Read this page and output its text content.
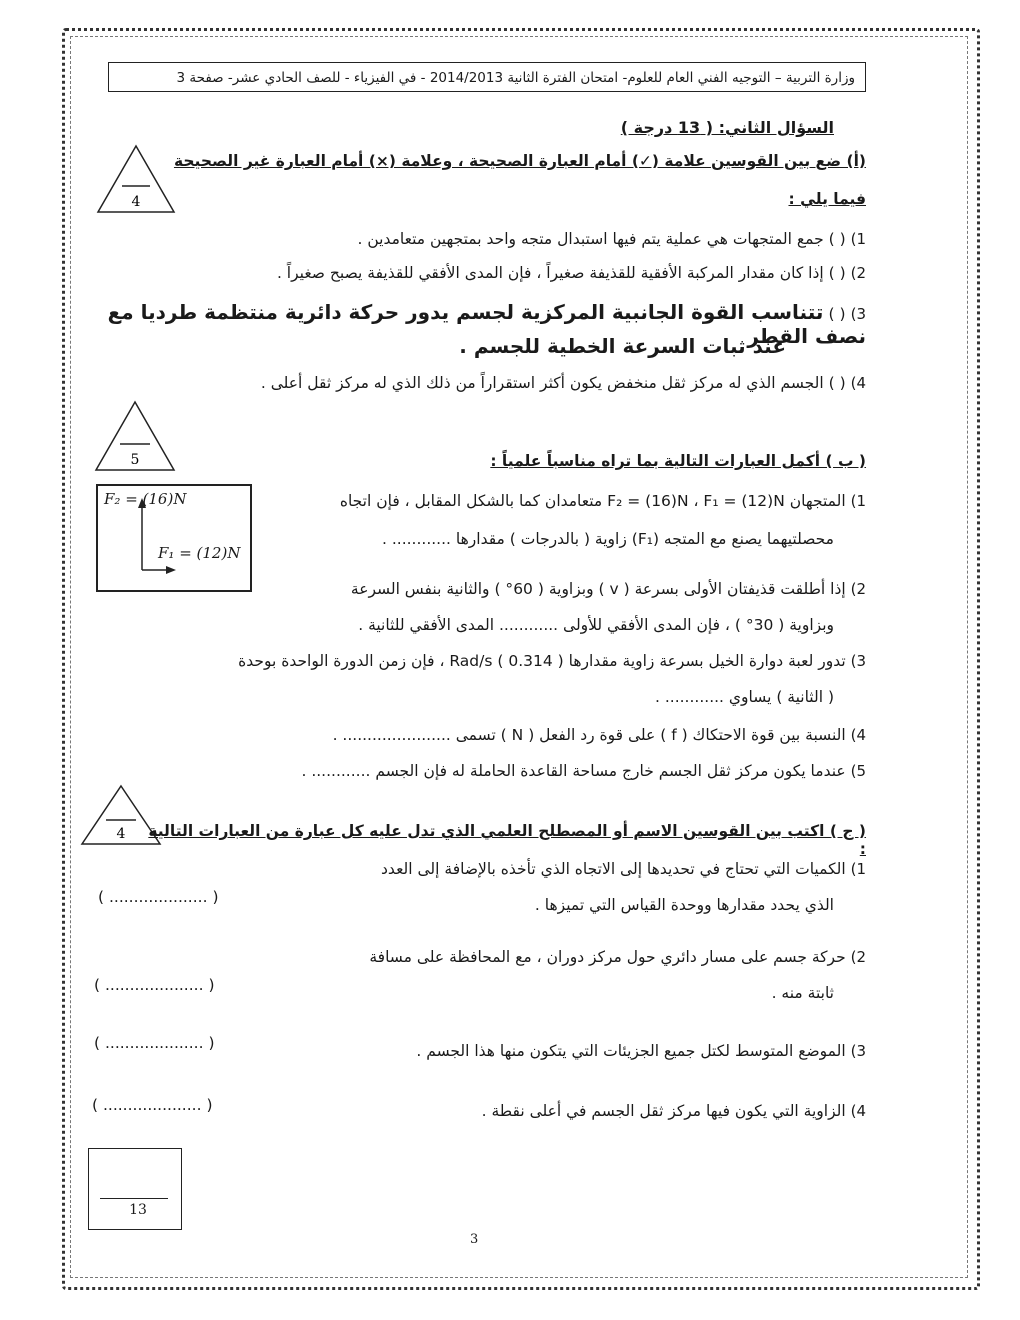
وزارة التربية – التوجيه الفني العام للعلوم- امتحان الفترة الثانية 2014/2013 - في الفيزياء - للصف الحادي عشر- صفحة 3
السؤال الثاني: ( 13 درجة )
4
(أ) ضع بين القوسين علامة (✓) أمام العبارة الصحيحة ، وعلامة (×) أمام العبارة غير الصحيحة
فيما يلي :
1) ( ) جمع المتجهات هي عملية يتم فيها استبدال متجه واحد بمتجهين متعامدين .
2) ( ) إذا كان مقدار المركبة الأفقية للقذيفة صغيراً ، فإن المدى الأفقي للقذيفة يصبح صغيراً .
3) ( ) تتناسب القوة الجانبية المركزية لجسم يدور حركة دائرية منتظمة طرديا مع نصف القطر
عند ثبات السرعة الخطية للجسم .
4) ( ) الجسم الذي له مركز ثقل منخفض يكون أكثر استقراراً من ذلك الذي له مركز ثقل أعلى .
5	( ب ) أكمل العبارات التالية بما تراه مناسباً علمياً :
F₂ = (16)N
F₁ = (12)N
1) المتجهان F₂ = (16)N ، F₁ = (12)N متعامدان كما بالشكل المقابل ، فإن اتجاه
محصلتيهما يصنع مع المتجه (F₁) زاوية ( بالدرجات ) مقدارها ............ .
2) إذا أطلقت قذيفتان الأولى بسرعة ( v ) وبزاوية ( 60° ) والثانية بنفس السرعة
وبزاوية ( 30° ) ، فإن المدى الأفقي للأولى ............ المدى الأفقي للثانية .
3) تدور لعبة دوارة الخيل بسرعة زاوية مقدارها Rad/s ( 0.314 ) ، فإن زمن الدورة الواحدة بوحدة
( الثانية ) يساوي ............ .
4) النسبة بين قوة الاحتكاك ( f ) على قوة رد الفعل ( N ) تسمى ...................... .
5) عندما يكون مركز ثقل الجسم خارج مساحة القاعدة الحاملة له فإن الجسم ............ .
4 ( ج ) اكتب بين القوسين الاسم أو المصطلح العلمي الذي تدل عليه كل عبارة من العبارات التالية :
1) الكميات التي تحتاج في تحديدها إلى الاتجاه الذي تأخذه بالإضافة إلى العدد
الذي يحدد مقدارها ووحدة القياس التي تميزها .
( .................... )
2) حركة جسم على مسار دائري حول مركز دوران ، مع المحافظة على مسافة
ثابتة منه .
( .................... )
3) الموضع المتوسط لكتل جميع الجزيئات التي يتكون منها هذا الجسم .
( .................... )
4) الزاوية التي يكون فيها مركز ثقل الجسم في أعلى نقطة .
( .................... )
13
3
